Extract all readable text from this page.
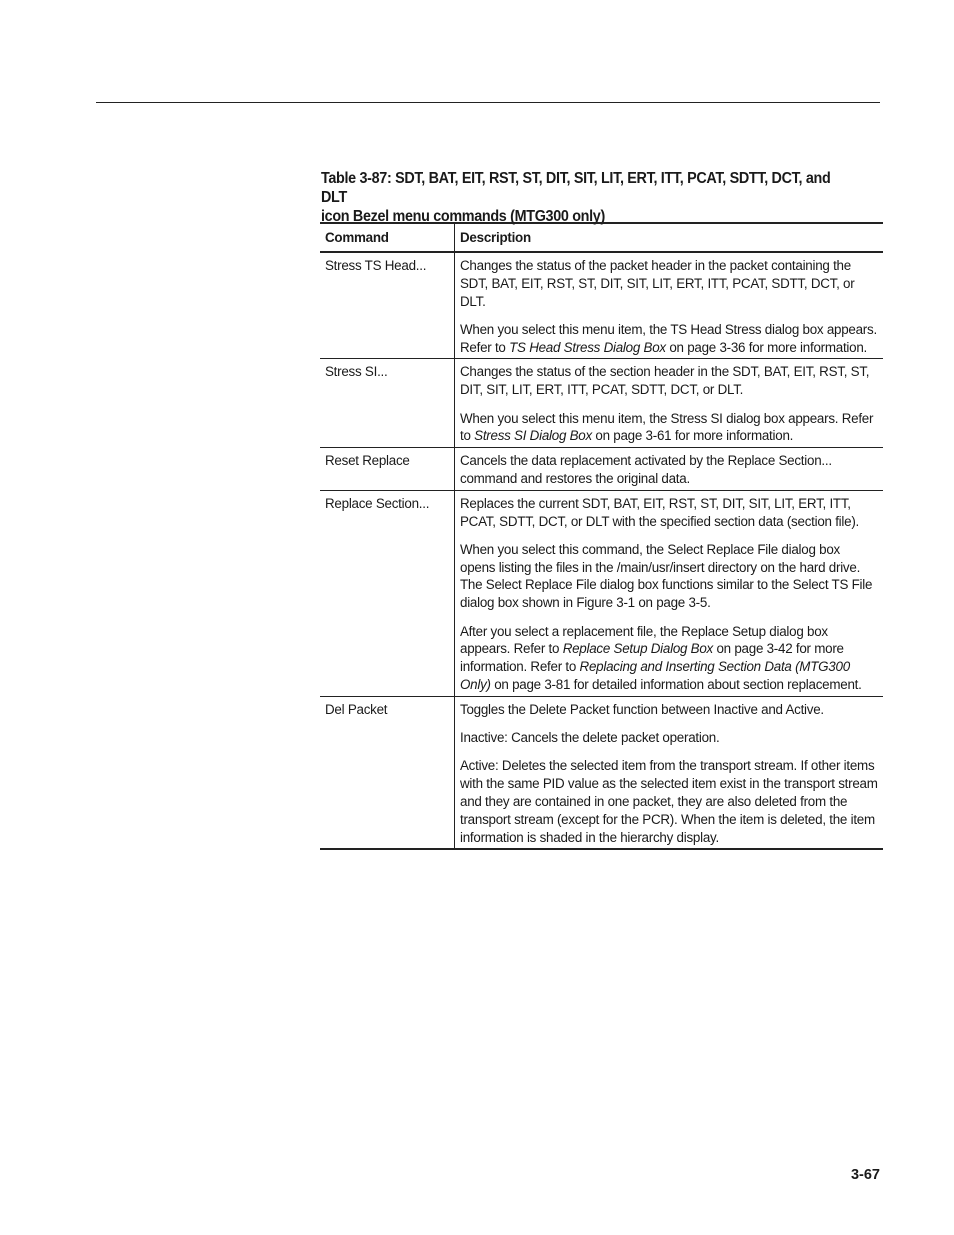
Table 3-87: SDT, BAT, EIT, RST, ST, DIT, SIT, LIT, ERT, ITT, PCAT, SDTT, DCT, and DLT
icon Bezel menu commands (MTG300 only)
Command	Description
Stress TS Head...	Changes the status of the packet header in the packet containing the SDT, BAT, EIT, RST, ST, DIT, SIT, LIT, ERT, ITT, PCAT, SDTT, DCT, or DLT.

When you select this menu item, the TS Head Stress dialog box appears. Refer to TS Head Stress Dialog Box on page 3-36 for more information.

Stress SI...	Changes the status of the section header in the SDT, BAT, EIT, RST, ST, DIT, SIT, LIT, ERT, ITT, PCAT, SDTT, DCT, or DLT.

When you select this menu item, the Stress SI dialog box appears. Refer to Stress SI Dialog Box on page 3-61 for more information.

Reset Replace	Cancels the data replacement activated by the Replace Section... command and restores the original data.

Replace Section...	Replaces the current SDT, BAT, EIT, RST, ST, DIT, SIT, LIT, ERT, ITT, PCAT, SDTT, DCT, or DLT with the specified section data (section file).

When you select this command, the Select Replace File dialog box opens listing the files in the /main/usr/insert directory on the hard drive. The Select Replace File dialog box functions similar to the Select TS File dialog box shown in Figure 3-1 on page 3-5.

After you select a replacement file, the Replace Setup dialog box appears. Refer to Replace Setup Dialog Box on page 3-42 for more information. Refer to Replacing and Inserting Section Data (MTG300 Only) on page 3-81 for detailed information about section replacement.

Del Packet	Toggles the Delete Packet function between Inactive and Active.

Inactive: Cancels the delete packet operation.

Active: Deletes the selected item from the transport stream. If other items with the same PID value as the selected item exist in the transport stream and they are contained in one packet, they are also deleted from the transport stream (except for the PCR). When the item is deleted, the item information is shaded in the hierarchy display.

3-67
